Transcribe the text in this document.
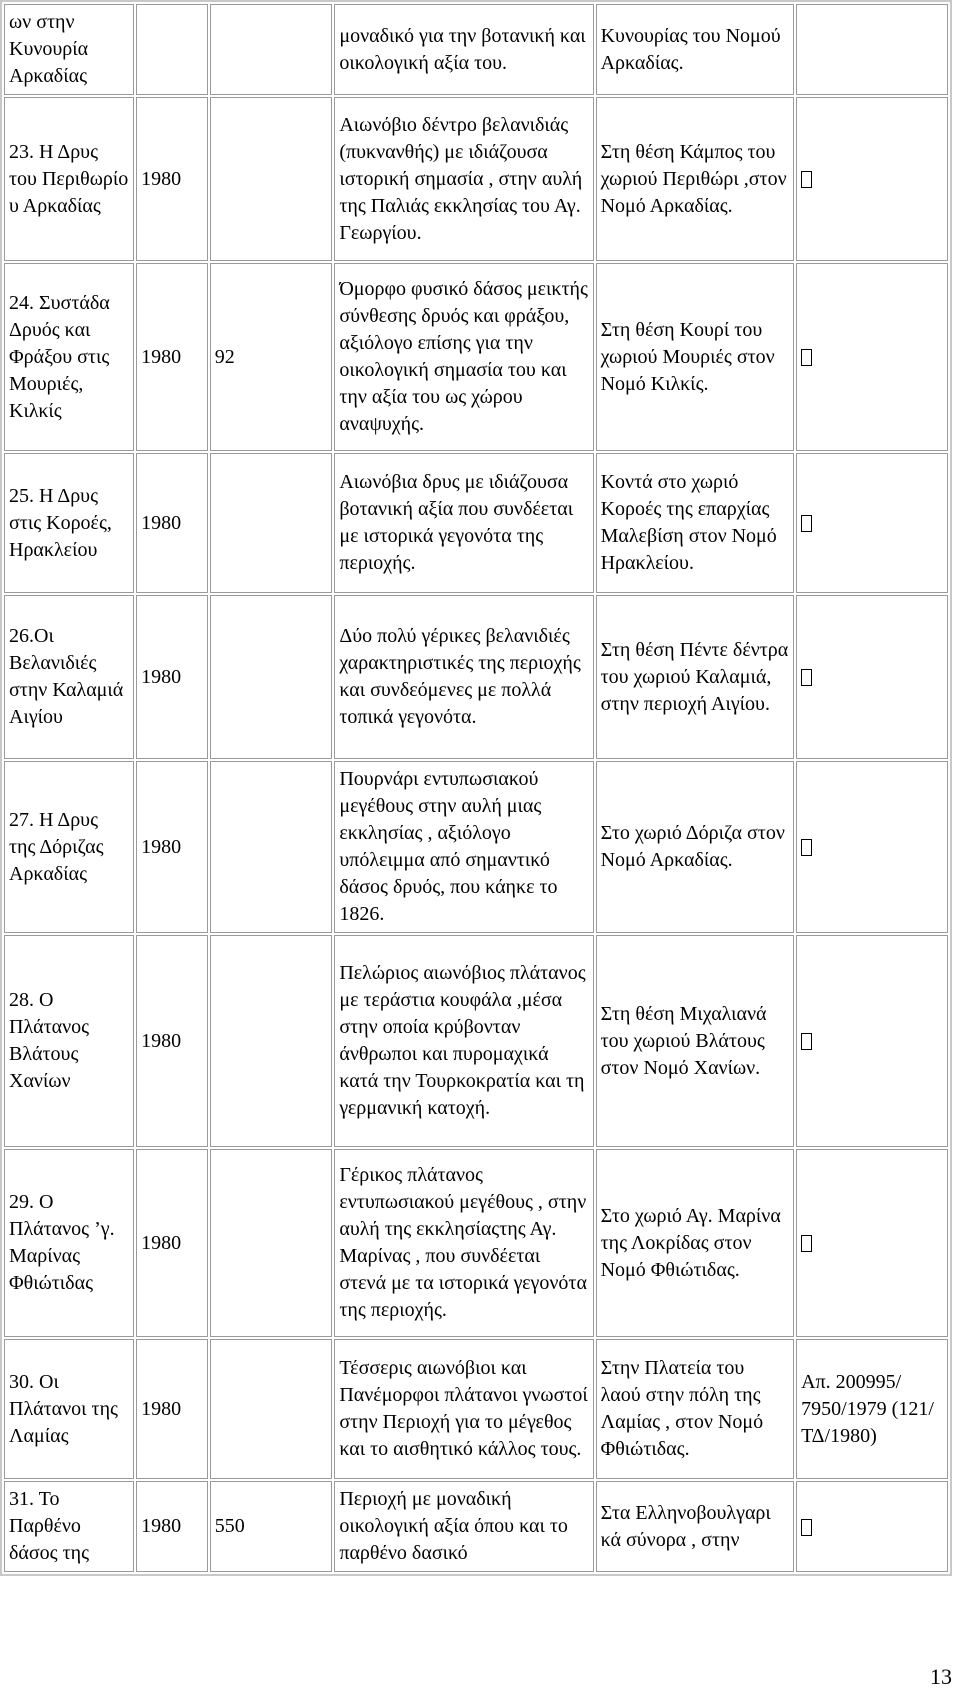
ων στην Κυνουρία Αρκαδίας			μοναδικό για την βοτανική και οικολογική αξία του.	Κυνουρίας του Νομού Αρκαδίας.	
23. Η Δρυς του Περιθωρίο υ Αρκαδίας	1980		Αιωνόβιο δέντρο βελανιδιάς (πυκνανθής) με ιδιάζουσα ιστορική σημασία , στην αυλή της Παλιάς εκκλησίας του Αγ. Γεωργίου.	Στη θέση Κάμπος του χωριού Περιθώρι ,στον Νομό Αρκαδίας.	
24. Συστάδα Δρυός και Φράξου στις Μουριές, Κιλκίς	1980	92	Όμορφο φυσικό δάσος μεικτής σύνθεσης δρυός και φράξου, αξιόλογο επίσης για την οικολογική σημασία του και την αξία του ως χώρου αναψυχής.	Στη θέση Κουρί του χωριού Μουριές στον Νομό Κιλκίς.	
25. Η Δρυς στις Κοροές, Ηρακλείου	1980		Αιωνόβια δρυς με ιδιάζουσα βοτανική αξία που συνδέεται με ιστορικά γεγονότα της περιοχής.	Κοντά στο χωριό Κοροές της επαρχίας Μαλεβίση στον Νομό Ηρακλείου.	
26.Οι Βελανιδιές στην Καλαμιά Αιγίου	1980		Δύο πολύ γέρικες βελανιδιές χαρακτηριστικές της περιοχής και συνδεόμενες με πολλά τοπικά γεγονότα.	Στη θέση Πέντε δέντρα του χωριού Καλαμιά, στην περιοχή Αιγίου.	
27. Η Δρυς της Δόριζας Αρκαδίας	1980		Πουρνάρι εντυπωσιακού μεγέθους στην αυλή μιας εκκλησίας , αξιόλογο υπόλειμμα από σημαντικό δάσος δρυός, που κάηκε το 1826.	Στο χωριό Δόριζα στον Νομό Αρκαδίας.	
28. Ο Πλάτανος Βλάτους Χανίων	1980		Πελώριος αιωνόβιος πλάτανος με τεράστια κουφάλα ,μέσα στην οποία κρύβονταν άνθρωποι και πυρομαχικά κατά την Τουρκοκρατία και τη γερμανική κατοχή.	Στη θέση Μιχαλιανά του χωριού Βλάτους στον Νομό Χανίων.	
29. Ο Πλάτανος ’γ. Μαρίνας Φθιώτιδας	1980		Γέρικος πλάτανος εντυπωσιακού μεγέθους , στην αυλή της εκκλησίαςτης Αγ. Μαρίνας , που συνδέεται στενά με τα ιστορικά γεγονότα της περιοχής.	Στο χωριό Αγ. Μαρίνα της Λοκρίδας στον Νομό Φθιώτιδας.	
30. Οι Πλάτανοι της Λαμίας	1980		Τέσσερις αιωνόβιοι και Πανέμορφοι πλάτανοι γνωστοί στην Περιοχή για το μέγεθος και το αισθητικό κάλλος τους.	Στην Πλατεία του λαού στην πόλη της Λαμίας , στον Νομό Φθιώτιδας.	Απ. 200995/ 7950/1979 (121/ΤΔ/1980)
31. Το Παρθένο δάσος της	1980	550	Περιοχή με μοναδική οικολογική αξία όπου και το παρθένο δασικό	Στα Ελληνοβουλγαρι κά σύνορα , στην	
13
